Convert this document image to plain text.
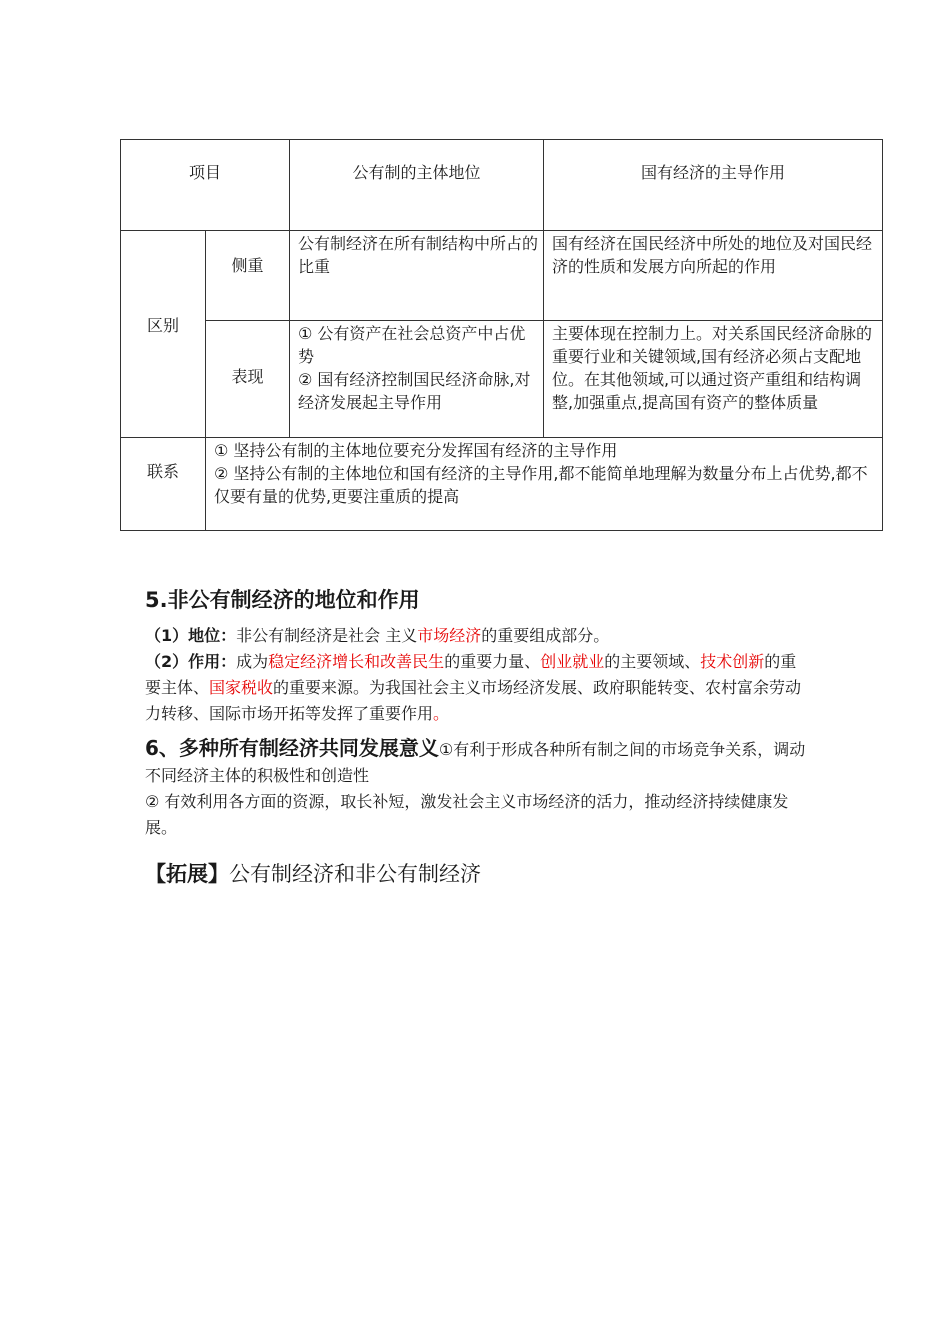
项目	公有制的主体地位	国有经济的主导作用
区别
侧重
公有制经济在所有制结构中所占的比重
国有经济在国民经济中所处的地位及对国民经济的性质和发展方向所起的作用
表现
① 公有资产在社会总资产中占优势
② 国有经济控制国民经济命脉,对经济发展起主导作用
主要体现在控制力上。对关系国民经济命脉的重要行业和关键领域,国有经济必须占支配地位。在其他领域,可以通过资产重组和结构调整,加强重点,提高国有资产的整体质量
联系
① 坚持公有制的主体地位要充分发挥国有经济的主导作用
② 坚持公有制的主体地位和国有经济的主导作用,都不能简单地理解为数量分布上占优势,都不仅要有量的优势,更要注重质的提高
5.非公有制经济的地位和作用
（1）地位：非公有制经济是社会 主义市场经济的重要组成部分。
（2）作用：成为稳定经济增长和改善民生的重要力量、创业就业的主要领域、技术创新的重要主体、国家税收的重要来源。为我国社会主义市场经济发展、政府职能转变、农村富余劳动力转移、国际市场开拓等发挥了重要作用。
6、多种所有制经济共同发展意义①有利于形成各种所有制之间的市场竞争关系，调动不同经济主体的积极性和创造性
② 有效利用各方面的资源，取长补短，激发社会主义市场经济的活力，推动经济持续健康发展。
【拓展】公有制经济和非公有制经济
